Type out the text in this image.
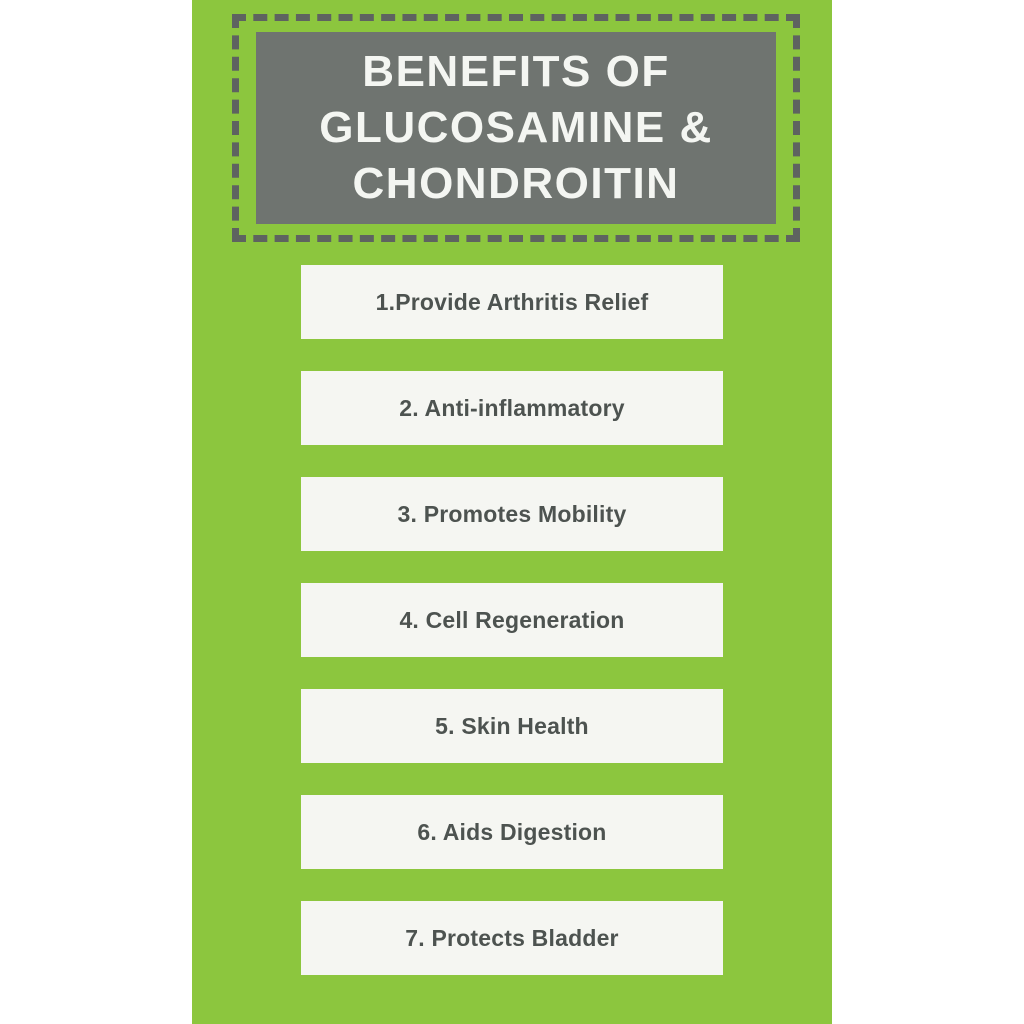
BENEFITS OF GLUCOSAMINE & CHONDROITIN
1.Provide Arthritis Relief
2. Anti-inflammatory
3. Promotes Mobility
4. Cell Regeneration
5. Skin Health
6. Aids Digestion
7. Protects Bladder
